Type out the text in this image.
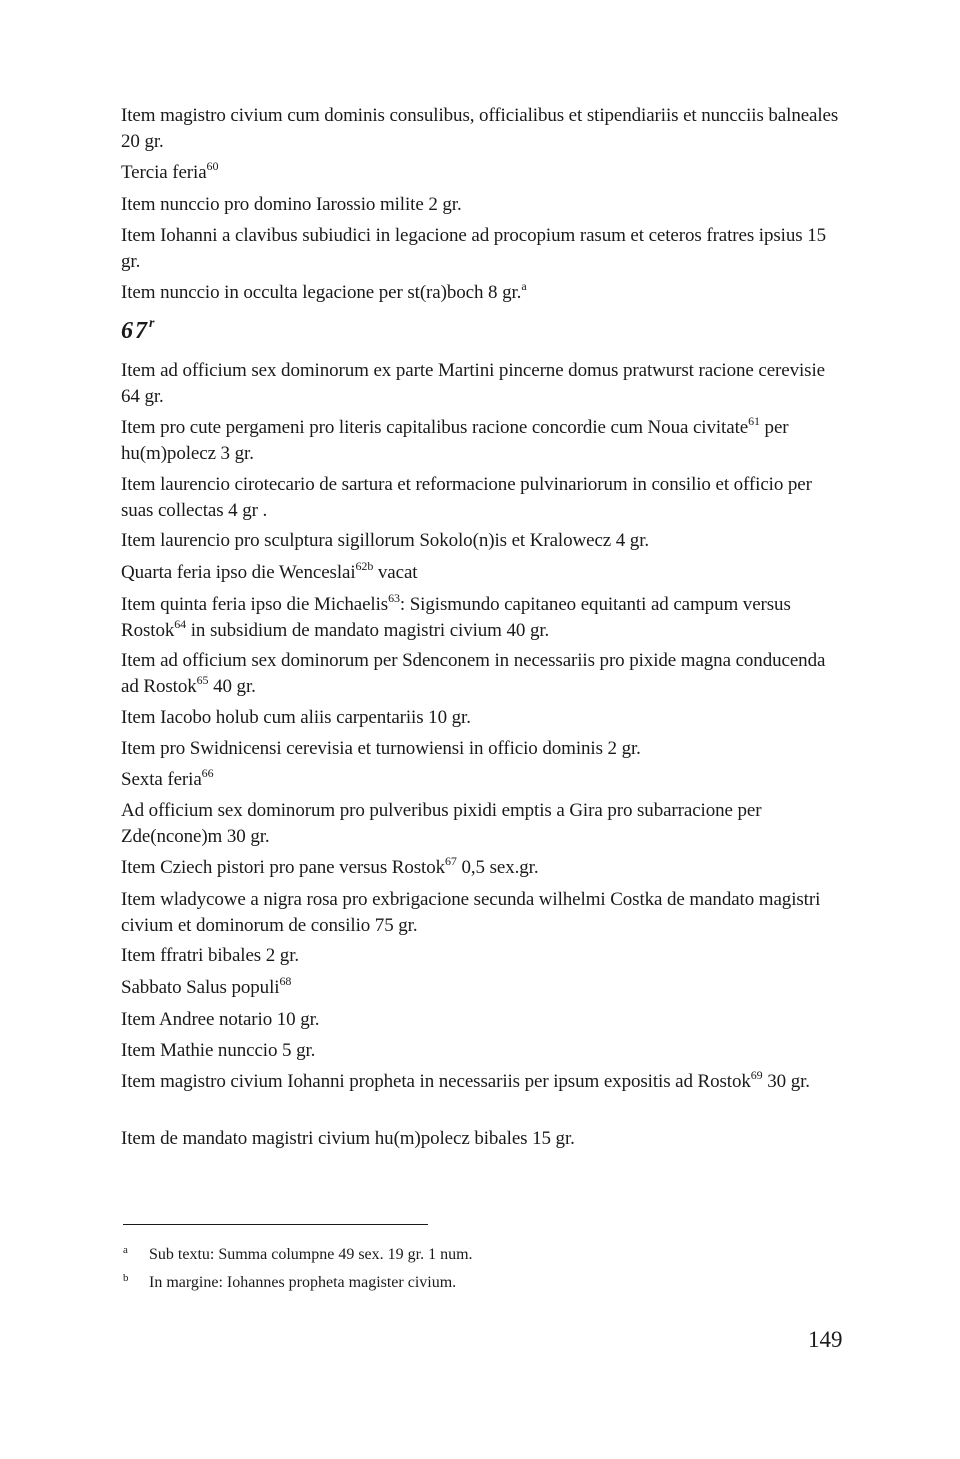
Item magistro civium cum dominis consulibus, officialibus et stipendiariis et nuncciis balneales 20 gr.
Tercia feria$^{60}$
Item nunccio pro domino Iarossio milite 2 gr.
Item Iohanni a clavibus subiudici in legacione ad procopium rasum et ceteros fratres ipsius 15 gr.
Item nunccio in occulta legacione per st(ra)boch 8 gr.$^a$
67$^r$
Item ad officium sex dominorum ex parte Martini pincerne domus pratwurst racione cerevisie 64 gr.
Item pro cute pergameni pro literis capitalibus racione concordie cum Noua civitate$^{61}$ per hu(m)polecz 3 gr.
Item laurencio cirotecario de sartura et reformacione pulvinariorum in consilio et officio per suas collectas 4 gr .
Item laurencio pro sculptura sigillorum Sokolo(n)is et Kralowecz 4 gr.
Quarta feria ipso die Wenceslai$^{62b}$ vacat
Item quinta feria ipso die Michaelis$^{63}$: Sigismundo capitaneo equitanti ad campum versus Rostok$^{64}$ in subsidium de mandato magistri civium 40 gr.
Item ad officium sex dominorum per Sdenconem in necessariis pro pixide magna conducenda ad Rostok$^{65}$ 40 gr.
Item Iacobo holub cum aliis carpentariis 10 gr.
Item pro Swidnicensi cerevisia et turnowiensi in officio dominis 2 gr.
Sexta feria$^{66}$
Ad officium sex dominorum pro pulveribus pixidi emptis a Gira pro subarracione per Zde(ncone)m 30 gr.
Item Cziech pistori pro pane versus Rostok$^{67}$ 0,5 sex.gr.
Item wladycowe a nigra rosa pro exbrigacione secunda wilhelmi Costka de mandato magistri civium et dominorum de consilio 75 gr.
Item ffratri bibales 2 gr.
Sabbato Salus populi$^{68}$
Item Andree notario 10 gr.
Item Mathie nunccio 5 gr.
Item magistro civium Iohanni propheta in necessariis per ipsum expositis ad Rostok$^{69}$ 30 gr.
Item de mandato magistri civium hu(m)polecz bibales 15 gr.
a Sub textu: Summa columpne 49 sex. 19 gr. 1 num.
b In margine: Iohannes propheta magister civium.
149
